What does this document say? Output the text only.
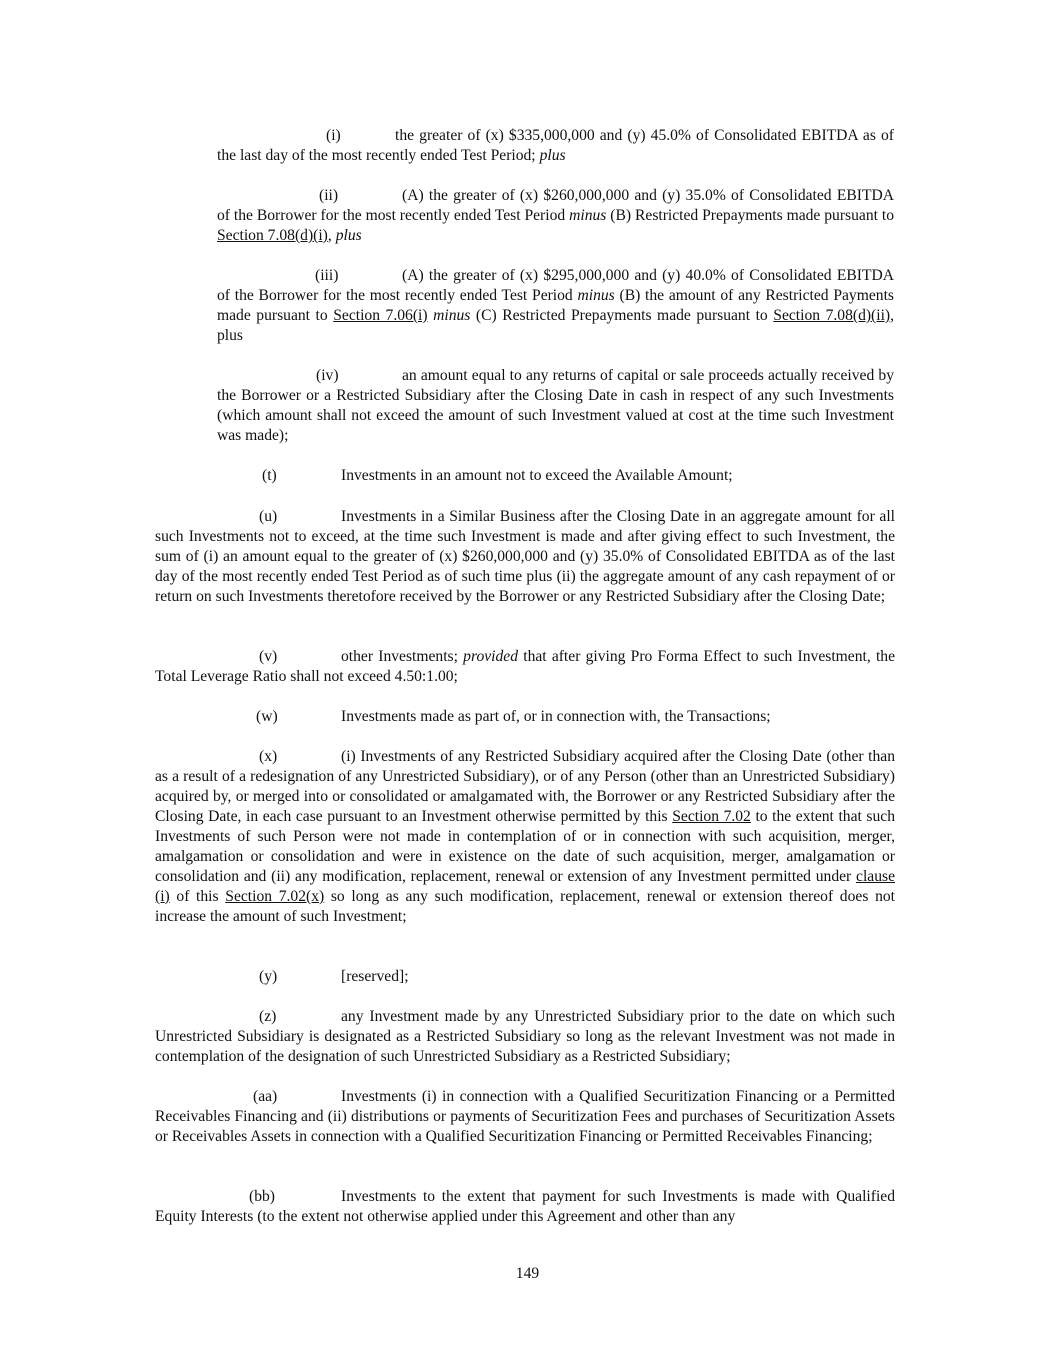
(i)	the greater of (x) $335,000,000 and (y) 45.0% of Consolidated EBITDA as of the last day of the most recently ended Test Period; plus

(ii)	(A) the greater of (x) $260,000,000 and (y) 35.0% of Consolidated EBITDA of the Borrower for the most recently ended Test Period minus (B) Restricted Prepayments made pursuant to Section 7.08(d)(i), plus

(iii)	(A) the greater of (x) $295,000,000 and (y) 40.0% of Consolidated EBITDA of the Borrower for the most recently ended Test Period minus (B) the amount of any Restricted Payments made pursuant to Section 7.06(i) minus (C) Restricted Prepayments made pursuant to Section 7.08(d)(ii), plus

(iv)	an amount equal to any returns of capital or sale proceeds actually received by the Borrower or a Restricted Subsidiary after the Closing Date in cash in respect of any such Investments (which amount shall not exceed the amount of such Investment valued at cost at the time such Investment was made);

(t)	Investments in an amount not to exceed the Available Amount;

(u)	Investments in a Similar Business after the Closing Date in an aggregate amount for all such Investments not to exceed, at the time such Investment is made and after giving effect to such Investment, the sum of (i) an amount equal to the greater of (x) $260,000,000 and (y) 35.0% of Consolidated EBITDA as of the last day of the most recently ended Test Period as of such time plus (ii) the aggregate amount of any cash repayment of or return on such Investments theretofore received by the Borrower or any Restricted Subsidiary after the Closing Date;

(v)	other Investments; provided that after giving Pro Forma Effect to such Investment, the Total Leverage Ratio shall not exceed 4.50:1.00;

(w)	Investments made as part of, or in connection with, the Transactions;

(x)	(i) Investments of any Restricted Subsidiary acquired after the Closing Date (other than as a result of a redesignation of any Unrestricted Subsidiary), or of any Person (other than an Unrestricted Subsidiary) acquired by, or merged into or consolidated or amalgamated with, the Borrower or any Restricted Subsidiary after the Closing Date, in each case pursuant to an Investment otherwise permitted by this Section 7.02 to the extent that such Investments of such Person were not made in contemplation of or in connection with such acquisition, merger, amalgamation or consolidation and were in existence on the date of such acquisition, merger, amalgamation or consolidation and (ii) any modification, replacement, renewal or extension of any Investment permitted under clause (i) of this Section 7.02(x) so long as any such modification, replacement, renewal or extension thereof does not increase the amount of such Investment;

(y)	[reserved];

(z)	any Investment made by any Unrestricted Subsidiary prior to the date on which such Unrestricted Subsidiary is designated as a Restricted Subsidiary so long as the relevant Investment was not made in contemplation of the designation of such Unrestricted Subsidiary as a Restricted Subsidiary;

(aa)	Investments (i) in connection with a Qualified Securitization Financing or a Permitted Receivables Financing and (ii) distributions or payments of Securitization Fees and purchases of Securitization Assets or Receivables Assets in connection with a Qualified Securitization Financing or Permitted Receivables Financing;

(bb)	Investments to the extent that payment for such Investments is made with Qualified Equity Interests (to the extent not otherwise applied under this Agreement and other than any

149
